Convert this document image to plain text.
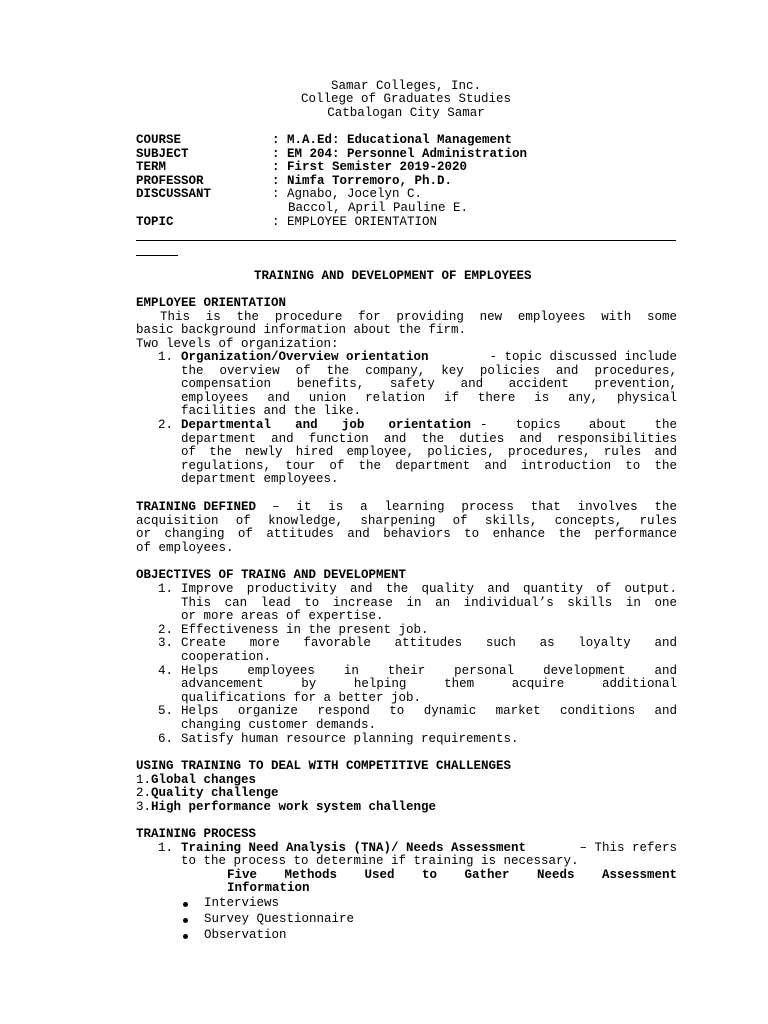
Samar Colleges, Inc.
College of Graduates Studies
Catbalogan City Samar
COURSE	: M.A.Ed: Educational Management
SUBJECT	: EM 204: Personnel Administration
TERM	: First Semister 2019-2020
PROFESSOR	: Nimfa Torremoro, Ph.D.
DISCUSSANT	: Agnabo, Jocelyn C.
Baccol, April Pauline E.
TOPIC	: EMPLOYEE ORIENTATION
TRAINING AND DEVELOPMENT OF EMPLOYEES
EMPLOYEE ORIENTATION
This is the procedure for providing new employees with some
basic background information about the firm.
Two levels of organization:
1. Organization/Overview orientation	- topic discussed include
the overview of the company, key policies and procedures,
compensation benefits, safety and accident prevention,
employees and union relation if there is any, physical
facilities and the like.
2. Departmental and job orientation - topics about the
department and function and the duties and responsibilities
of the newly hired employee, policies, procedures, rules and
regulations, tour of the department and introduction to the
department employees.
TRAINING DEFINED – it is a learning process that involves the
acquisition of knowledge, sharpening of skills, concepts, rules
or changing of attitudes and behaviors to enhance the performance
of employees.
OBJECTIVES OF TRAING AND DEVELOPMENT
1. Improve productivity and the quality and quantity of output.
This can lead to increase in an individual’s skills in one
or more areas of expertise.
2. Effectiveness in the present job.
3. Create more favorable attitudes such as loyalty and
cooperation.
4. Helps employees in their personal development and
advancement by helping them acquire additional
qualifications for a better job.
5. Helps organize respond to dynamic market conditions and
changing customer demands.
6. Satisfy human resource planning requirements.
USING TRAINING TO DEAL WITH COMPETITIVE CHALLENGES
1. Global changes
2. Quality challenge
3. High performance work system challenge
TRAINING PROCESS
1. Training Need Analysis (TNA)/ Needs Assessment	– This refers
to the process to determine if training is necessary.
Five Methods Used to Gather Needs Assessment
Information
Interviews
Survey Questionnaire
Observation
